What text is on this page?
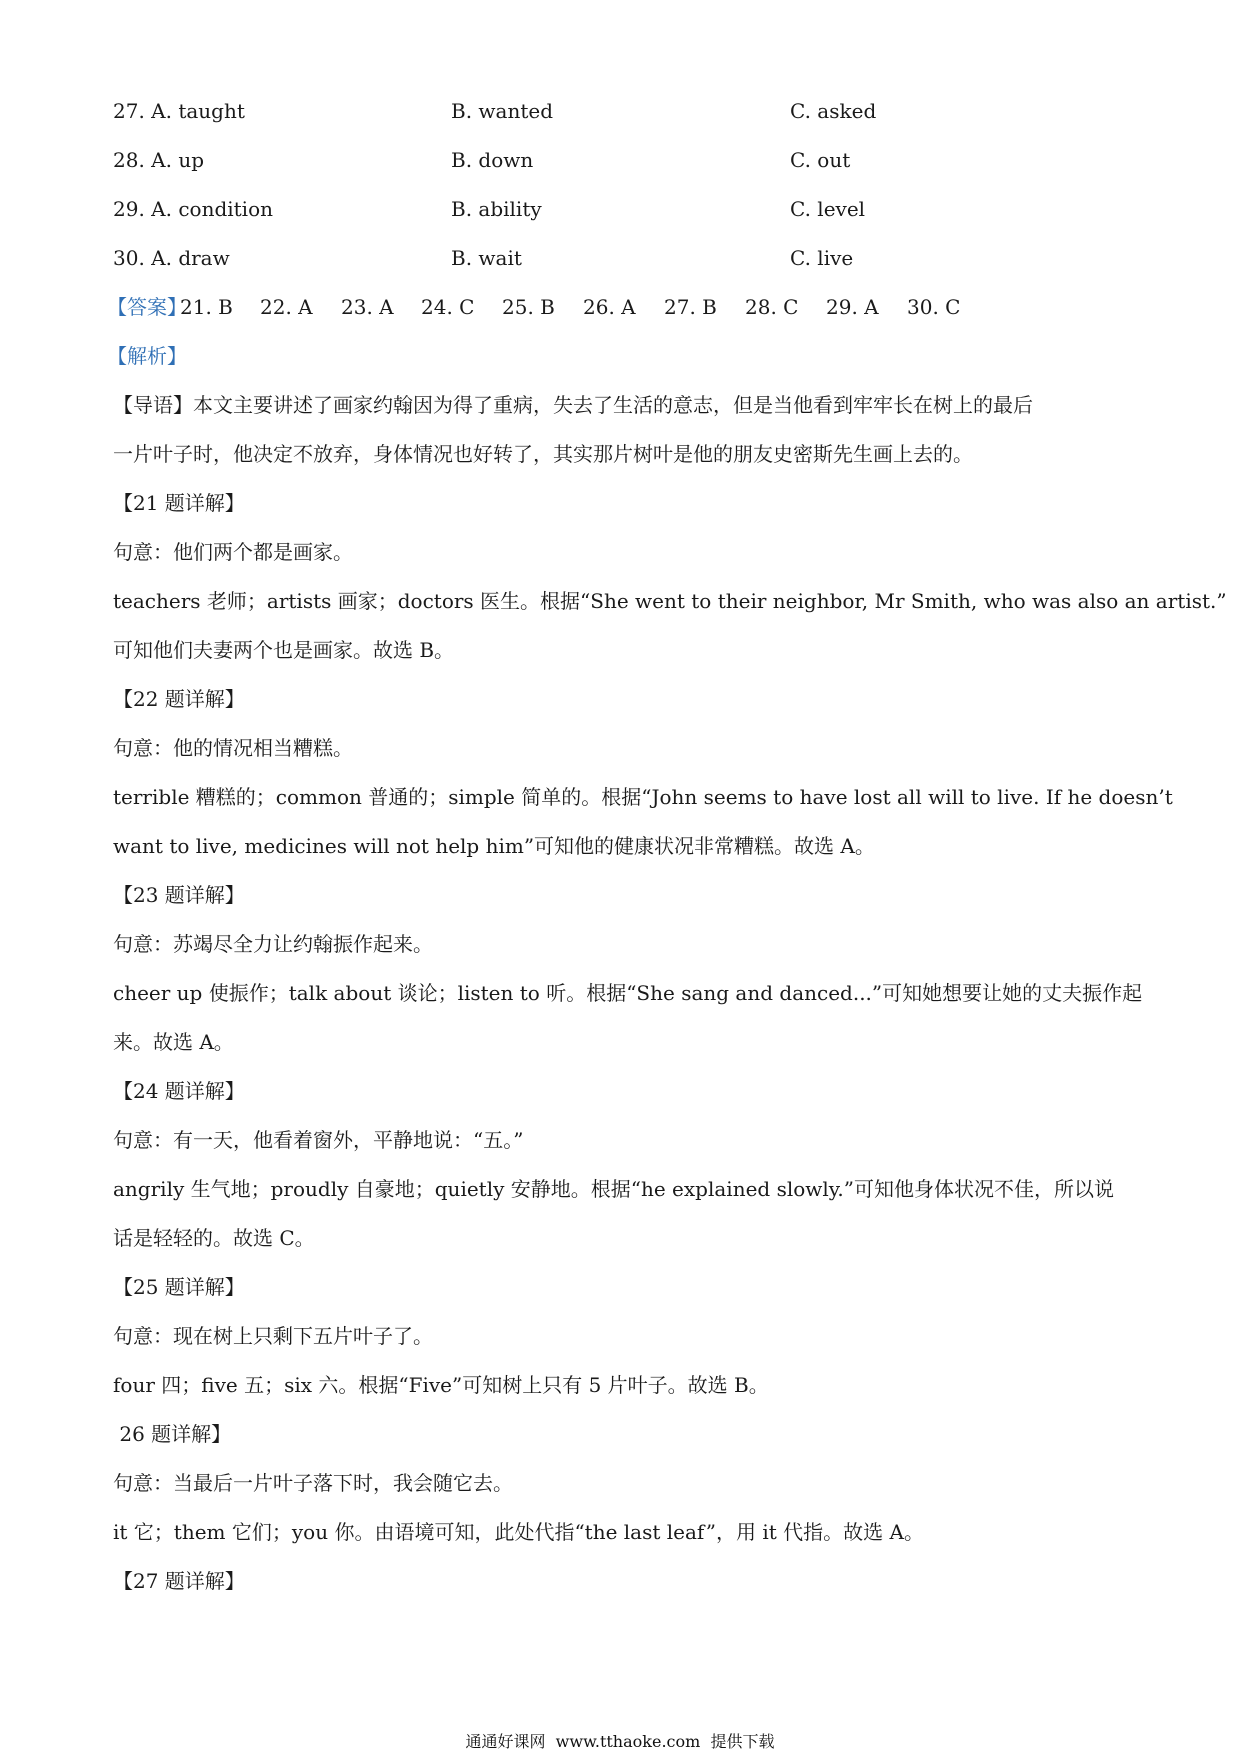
27. A. taught	B. wanted	C. asked
28. A. up	B. down	C. out
29. A. condition	B. ability	C. level
30. A. draw	B. wait	C. live
【答案】
21. B 22. A 23. A 24. C 25. B 26. A 27. B 28. C 29. A 30. C
【解析】
【导语】本文主要讲述了画家约翰因为得了重病，失去了生活的意志，但是当他看到牢牢长在树上的最后
一片叶子时，他决定不放弃，身体情况也好转了，其实那片树叶是他的朋友史密斯先生画上去的。
【21 题详解】
句意：他们两个都是画家。
teachers 老师；artists 画家；doctors 医生。根据“She went to their neighbor, Mr Smith, who was also an artist.”
可知他们夫妻两个也是画家。故选 B。
【22 题详解】
句意：他的情况相当糟糕。
terrible 糟糕的；common 普通的；simple 简单的。根据“John seems to have lost all will to live. If he doesn’t
want to live, medicines will not help him”可知他的健康状况非常糟糕。故选 A。
【23 题详解】
句意：苏竭尽全力让约翰振作起来。
cheer up 使振作；talk about 谈论；listen to 听。根据“She sang and danced...”可知她想要让她的丈夫振作起
来。故选 A。
【24 题详解】
句意：有一天，他看着窗外，平静地说：“五。”
angrily 生气地；proudly 自豪地；quietly 安静地。根据“he explained slowly.”可知他身体状况不佳，所以说
话是轻轻的。故选 C。
【25 题详解】
句意：现在树上只剩下五片叶子了。
four 四；five 五；six 六。根据“Five”可知树上只有 5 片叶子。故选 B。
26 题详解】
句意：当最后一片叶子落下时，我会随它去。
it 它；them 它们；you 你。由语境可知，此处代指“the last leaf”，用 it 代指。故选 A。
【27 题详解】
通通好课网  www.tthaoke.com  提供下载
